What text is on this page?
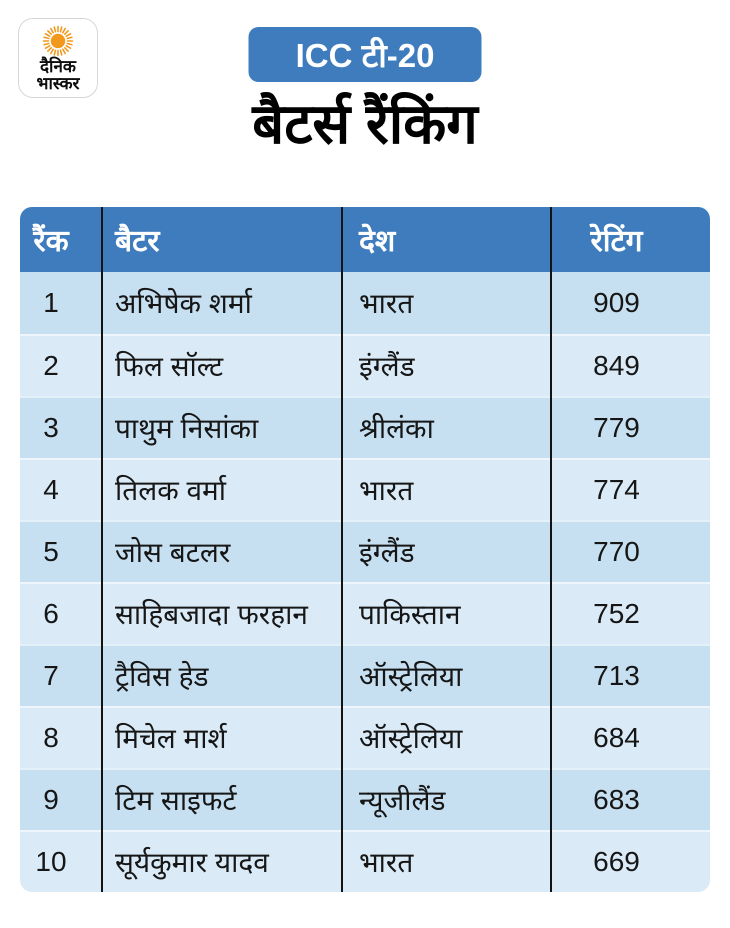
दैनिक
भास्कर
ICC टी-20
बैटर्स रैंकिंग
रैंक	बैटर	देश	रेटिंग
1	अभिषेक शर्मा	भारत	909
2	फिल सॉल्ट	इंग्लैंड	849
3	पाथुम निसांका	श्रीलंका	779
4	तिलक वर्मा	भारत	774
5	जोस बटलर	इंग्लैंड	770
6	साहिबजादा फरहान	पाकिस्तान	752
7	ट्रैविस हेड	ऑस्ट्रेलिया	713
8	मिचेल मार्श	ऑस्ट्रेलिया	684
9	टिम साइफर्ट	न्यूजीलैंड	683
10	सूर्यकुमार यादव	भारत	669
